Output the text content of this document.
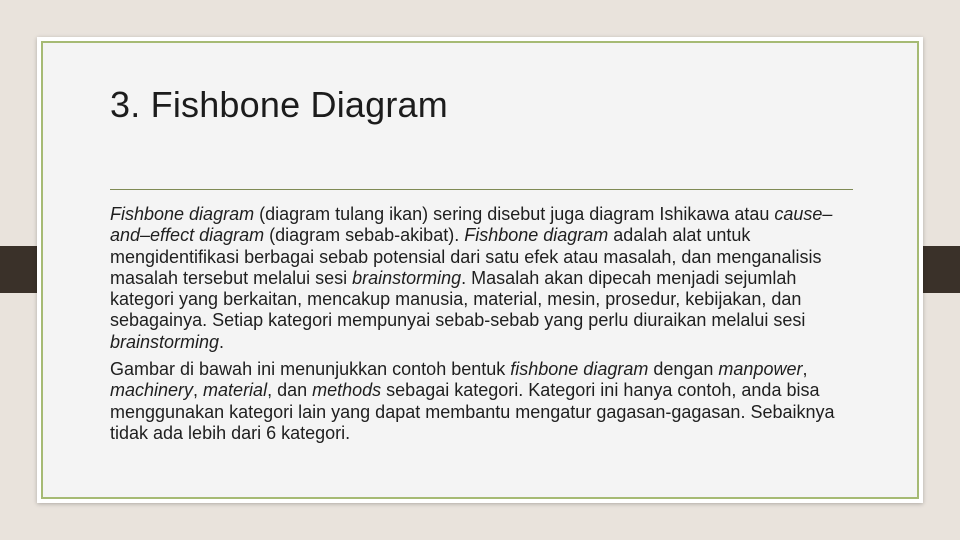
3. Fishbone Diagram

Fishbone diagram (diagram tulang ikan) sering disebut juga diagram Ishikawa atau cause–and–effect diagram (diagram sebab-akibat). Fishbone diagram adalah alat untuk mengidentifikasi berbagai sebab potensial dari satu efek atau masalah, dan menganalisis masalah tersebut melalui sesi brainstorming. Masalah akan dipecah menjadi sejumlah kategori yang berkaitan, mencakup manusia, material, mesin, prosedur, kebijakan, dan sebagainya. Setiap kategori mempunyai sebab-sebab yang perlu diuraikan melalui sesi brainstorming.

Gambar di bawah ini menunjukkan contoh bentuk fishbone diagram dengan manpower, machinery, material, dan methods sebagai kategori. Kategori ini hanya contoh, anda bisa menggunakan kategori lain yang dapat membantu mengatur gagasan-gagasan. Sebaiknya tidak ada lebih dari 6 kategori.
